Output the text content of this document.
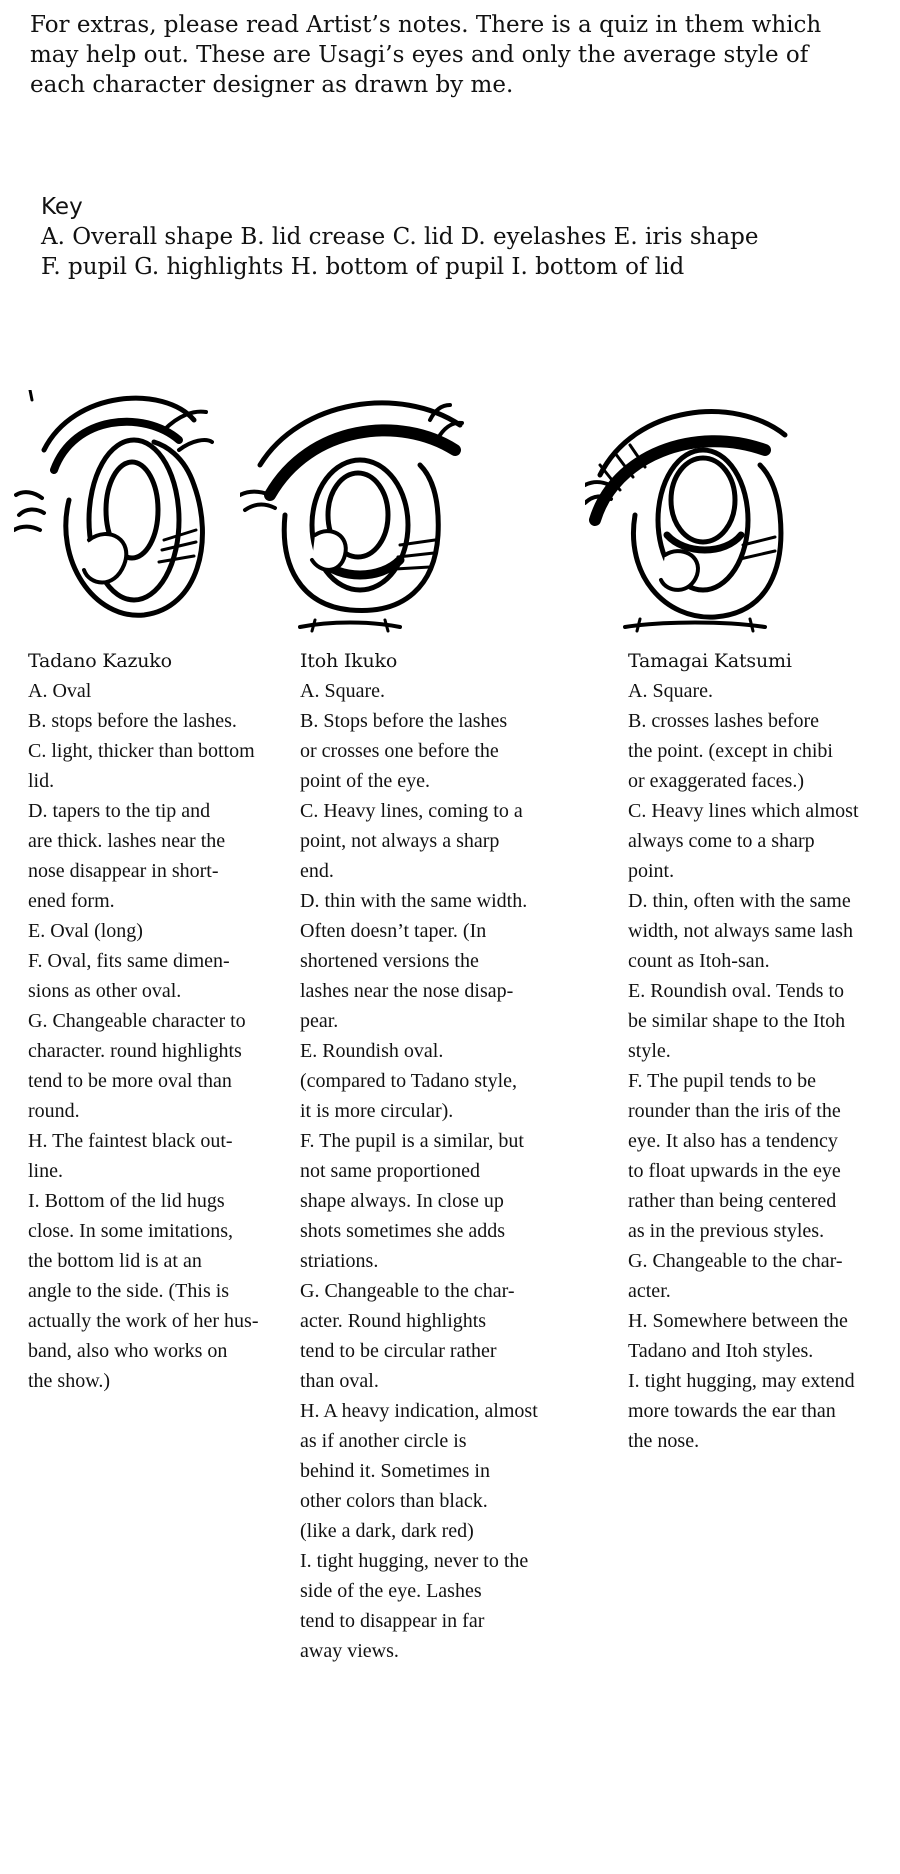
For extras, please read Artist’s notes. There is a quiz in them which
may help out. These are Usagi’s eyes and only the average style of
each character designer as drawn by me.
Key
A. Overall shape B. lid crease C. lid D. eyelashes E. iris shape
F. pupil G. highlights H. bottom of pupil I. bottom of lid
Tadano Kazuko
A. Oval
B. stops before the lashes.
C. light, thicker than bottom
lid.
D. tapers to the tip and
are thick. lashes near the
nose disappear in short-
ened form.
E. Oval (long)
F. Oval, fits same dimen-
sions as other oval.
G. Changeable character to
character. round highlights
tend to be more oval than
round.
H. The faintest black out-
line.
I. Bottom of the lid hugs
close. In some imitations,
the bottom lid is at an
angle to the side. (This is
actually the work of her hus-
band, also who works on
the show.)
Itoh Ikuko
A. Square.
B. Stops before the lashes
or crosses one before the
point of the eye.
C. Heavy lines, coming to a
point, not always a sharp
end.
D. thin with the same width.
Often doesn’t taper. (In
shortened versions the
lashes near the nose disap-
pear.
E. Roundish oval.
(compared to Tadano style,
it is more circular).
F. The pupil is a similar, but
not same proportioned
shape always. In close up
shots sometimes she adds
striations.
G. Changeable to the char-
acter. Round highlights
tend to be circular rather
than oval.
H. A heavy indication, almost
as if another circle is
behind it. Sometimes in
other colors than black.
(like a dark, dark red)
I. tight hugging, never to the
side of the eye. Lashes
tend to disappear in far
away views.
Tamagai Katsumi
A. Square.
B. crosses lashes before
the point. (except in chibi
or exaggerated faces.)
C. Heavy lines which almost
always come to a sharp
point.
D. thin, often with the same
width, not always same lash
count as Itoh-san.
E. Roundish oval. Tends to
be similar shape to the Itoh
style.
F. The pupil tends to be
rounder than the iris of the
eye. It also has a tendency
to float upwards in the eye
rather than being centered
as in the previous styles.
G. Changeable to the char-
acter.
H. Somewhere between the
Tadano and Itoh styles.
I. tight hugging, may extend
more towards the ear than
the nose.
